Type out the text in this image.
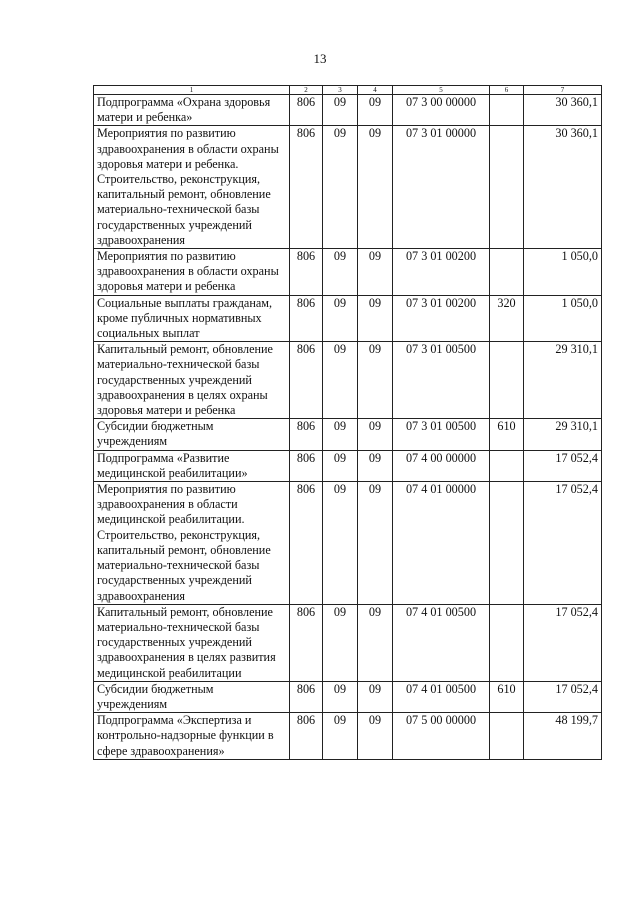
13
1	2	3	4	5	6	7
Подпрограмма «Охрана здоровья матери и ребенка»	806	09	09	07 3 00 00000		30 360,1
Мероприятия по развитию здравоохранения в области охраны здоровья матери и ребенка. Строительство, реконструкция, капитальный ремонт, обновление материально-технической базы государственных учреждений здравоохранения	806	09	09	07 3 01 00000		30 360,1
Мероприятия по развитию здравоохранения в области охраны здоровья матери и ребенка	806	09	09	07 3 01 00200		1 050,0
Социальные выплаты гражданам, кроме публичных нормативных социальных выплат	806	09	09	07 3 01 00200	320	1 050,0
Капитальный ремонт, обновление материально-технической базы государственных учреждений здравоохранения в целях охраны здоровья матери и ребенка	806	09	09	07 3 01 00500		29 310,1
Субсидии бюджетным учреждениям	806	09	09	07 3 01 00500	610	29 310,1
Подпрограмма «Развитие медицинской реабилитации»	806	09	09	07 4 00 00000		17 052,4
Мероприятия по развитию здравоохранения в области медицинской реабилитации. Строительство, реконструкция, капитальный ремонт, обновление материально-технической базы государственных учреждений здравоохранения	806	09	09	07 4 01 00000		17 052,4
Капитальный ремонт, обновление материально-технической базы государственных учреждений здравоохранения в целях развития медицинской реабилитации	806	09	09	07 4 01 00500		17 052,4
Субсидии бюджетным учреждениям	806	09	09	07 4 01 00500	610	17 052,4
Подпрограмма «Экспертиза и контрольно-надзорные функции в сфере здравоохранения»	806	09	09	07 5 00 00000		48 199,7
